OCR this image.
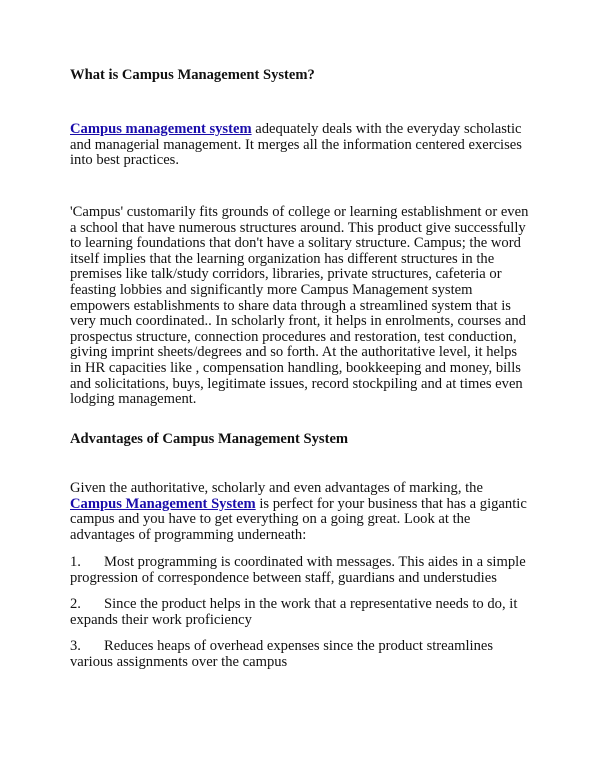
What is Campus Management System?

Campus management system adequately deals with the everyday scholastic and managerial management. It merges all the information centered exercises into best practices.

'Campus' customarily fits grounds of college or learning establishment or even a school that have numerous structures around. This product give successfully to learning foundations that don't have a solitary structure. Campus; the word itself implies that the learning organization has different structures in the premises like talk/study corridors, libraries, private structures, cafeteria or feasting lobbies and significantly more Campus Management system empowers establishments to share data through a streamlined system that is very much coordinated.. In scholarly front, it helps in enrolments, courses and prospectus structure, connection procedures and restoration, test conduction, giving imprint sheets/degrees and so forth. At the authoritative level, it helps in HR capacities like , compensation handling, bookkeeping and money, bills and solicitations, buys, legitimate issues, record stockpiling and at times even lodging management.

Advantages of Campus Management System

Given the authoritative, scholarly and even advantages of marking, the Campus Management System is perfect for your business that has a gigantic campus and you have to get everything on a going great. Look at the advantages of programming underneath:

1. Most programming is coordinated with messages. This aides in a simple progression of correspondence between staff, guardians and understudies

2. Since the product helps in the work that a representative needs to do, it expands their work proficiency

3. Reduces heaps of overhead expenses since the product streamlines various assignments over the campus
